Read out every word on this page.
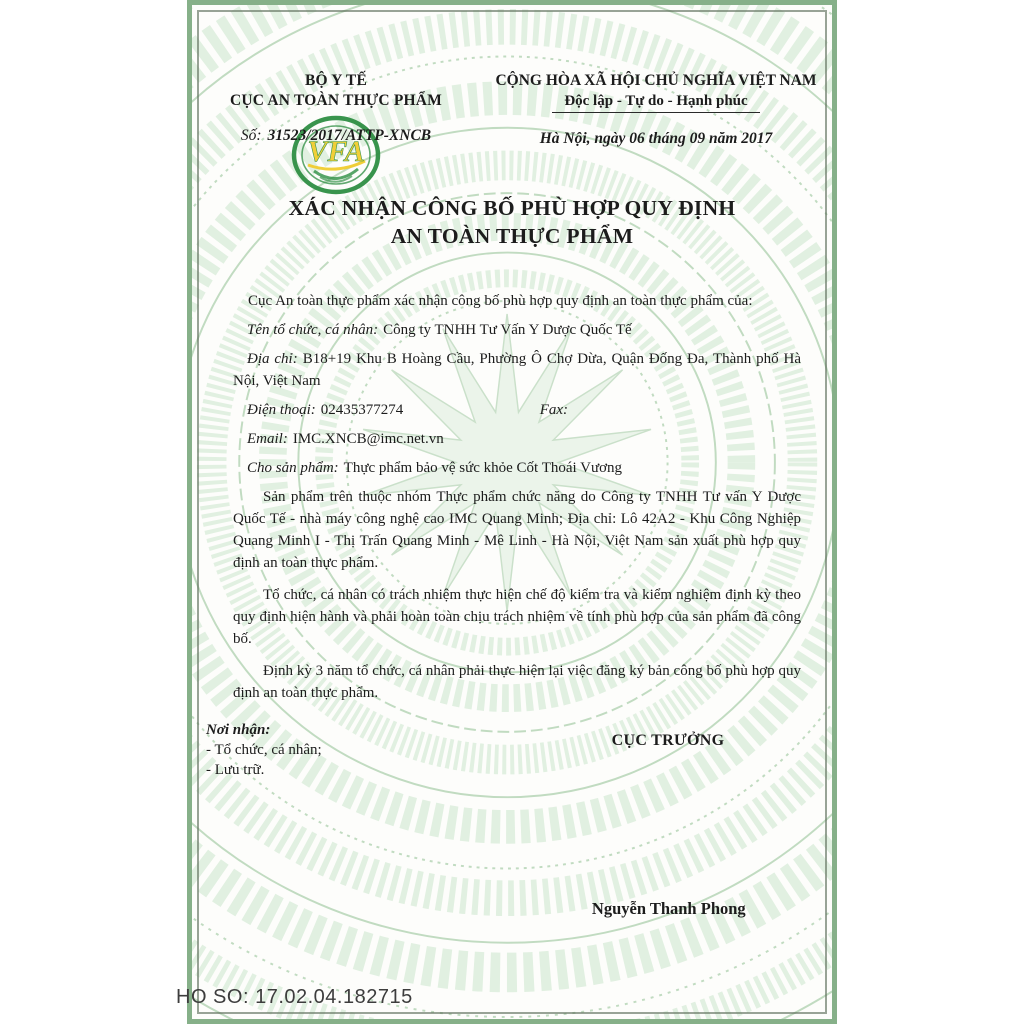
BỘ Y TẾ
CỤC AN TOÀN THỰC PHẨM
VFA
Số: 31523/2017/ATTP-XNCB
CỘNG HÒA XÃ HỘI CHỦ NGHĨA VIỆT NAM
Độc lập - Tự do - Hạnh phúc
Hà Nội, ngày 06 tháng 09 năm 2017
XÁC NHẬN CÔNG BỐ PHÙ HỢP QUY ĐỊNH
AN TOÀN THỰC PHẨM

Cục An toàn thực phẩm xác nhận công bố phù hợp quy định an toàn thực phẩm của:

Tên tổ chức, cá nhân: Công ty TNHH Tư Vấn Y Dược Quốc Tế

Địa chỉ: B18+19 Khu B Hoàng Cầu, Phường Ô Chợ Dừa, Quận Đống Đa, Thành phố Hà Nội, Việt Nam

Điện thoại: 02435377274	Fax:

Email: IMC.XNCB@imc.net.vn

Cho sản phẩm: Thực phẩm bảo vệ sức khỏe Cốt Thoái Vương

Sản phẩm trên thuộc nhóm Thực phẩm chức năng do Công ty TNHH Tư vấn Y Dược Quốc Tế - nhà máy công nghệ cao IMC Quang Minh; Địa chỉ: Lô 42A2 - Khu Công Nghiệp Quang Minh I - Thị Trấn Quang Minh - Mê Linh - Hà Nội, Việt Nam sản xuất phù hợp quy định an toàn thực phẩm.

Tổ chức, cá nhân có trách nhiệm thực hiện chế độ kiểm tra và kiểm nghiệm định kỳ theo quy định hiện hành và phải hoàn toàn chịu trách nhiệm về tính phù hợp của sản phẩm đã công bố.

Định kỳ 3 năm tổ chức, cá nhân phải thực hiện lại việc đăng ký bản công bố phù hợp quy định an toàn thực phẩm.

Nơi nhận:
- Tổ chức, cá nhân;
- Lưu trữ.
CỤC TRƯỞNG
Nguyễn Thanh Phong
HO SO: 17.02.04.182715
